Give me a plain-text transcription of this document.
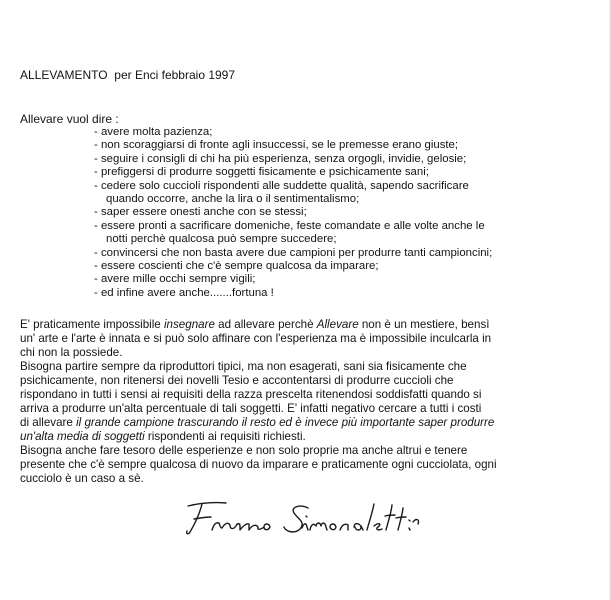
ALLEVAMENTO per Enci febbraio 1997
Allevare vuol dire :
- avere molta pazienza;
- non scoraggiarsi di fronte agli insuccessi, se le premesse erano giuste;
- seguire i consigli di chi ha più esperienza, senza orgogli, invidie, gelosie;
- prefiggersi di produrre soggetti fisicamente e psichicamente sani;
- cedere solo cuccioli rispondenti alle suddette qualità, sapendo sacrificare
quando occorre, anche la lira o il sentimentalismo;
- saper essere onesti anche con se stessi;
- essere pronti a sacrificare domeniche, feste comandate e alle volte anche le
notti perchè qualcosa può sempre succedere;
- convincersi che non basta avere due campioni per produrre tanti campioncini;
- essere coscienti che c'è sempre qualcosa da imparare;
- avere mille occhi sempre vigili;
- ed infine avere anche.......fortuna !
E' praticamente impossibile insegnare ad allevare perchè Allevare non è un mestiere, bensì
un' arte e l'arte è innata e si può solo affinare con l'esperienza ma è impossibile inculcarla in
chi non la possiede.
Bisogna partire sempre da riproduttori tipici, ma non esagerati, sani sia fisicamente che
psichicamente, non ritenersi dei novelli Tesio e accontentarsi di produrre cuccioli che
rispondano in tutti i sensi ai requisiti della razza prescelta ritenendosi soddisfatti quando si
arriva a produrre un'alta percentuale di tali soggetti. E' infatti negativo cercare a tutti i costi
di allevare il grande campione trascurando il resto ed è invece più importante saper produrre
un'alta media di soggetti rispondenti ai requisiti richiesti.
Bisogna anche fare tesoro delle esperienze e non solo proprie ma anche altrui e tenere
presente che c'è sempre qualcosa di nuovo da imparare e praticamente ogni cucciolata, ogni
cucciolo è un caso a sè.
